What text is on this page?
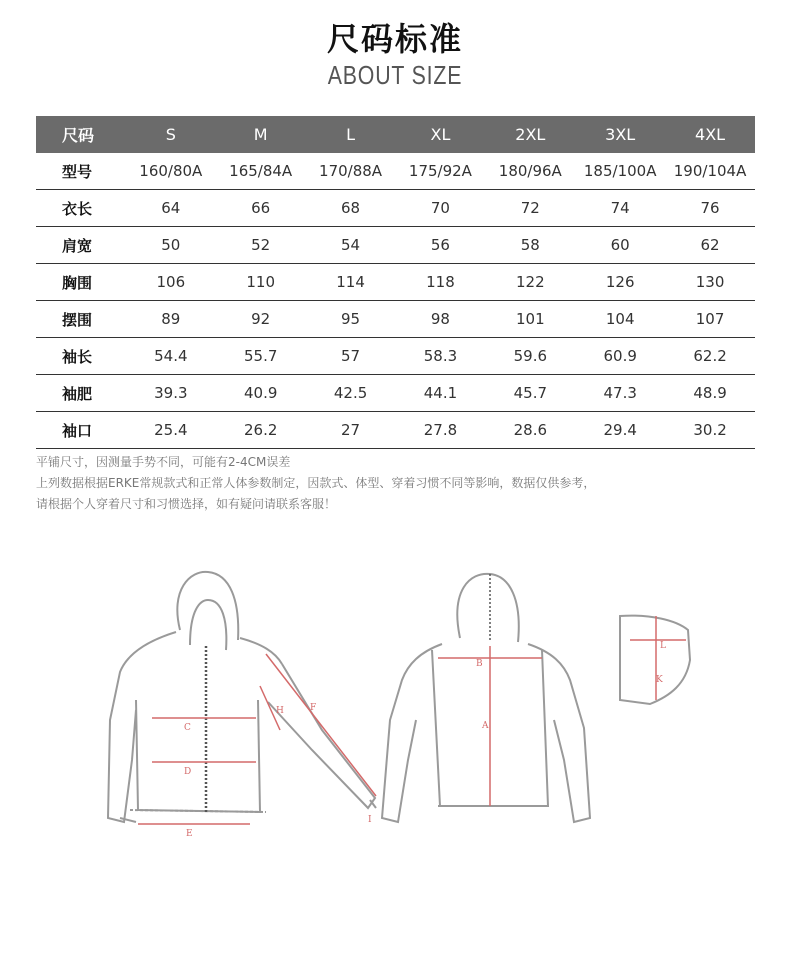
尺码标准
ABOUT SIZE
尺码	S	M	L	XL	2XL	3XL	4XL
型号	160/80A	165/84A	170/88A	175/92A	180/96A	185/100A	190/104A
衣长	64	66	68	70	72	74	76
肩宽	50	52	54	56	58	60	62
胸围	106	110	114	118	122	126	130
摆围	89	92	95	98	101	104	107
袖长	54.4	55.7	57	58.3	59.6	60.9	62.2
袖肥	39.3	40.9	42.5	44.1	45.7	47.3	48.9
袖口	25.4	26.2	27	27.8	28.6	29.4	30.2
平铺尺寸，因测量手势不同，可能有2-4CM误差
上列数据根据ERKE常规款式和正常人体参数制定，因款式、体型、穿着习惯不同等影响，数据仅供参考，
请根据个人穿着尺寸和习惯选择，如有疑问请联系客服！
C
D
E
F
H
I
B
A
L
K
